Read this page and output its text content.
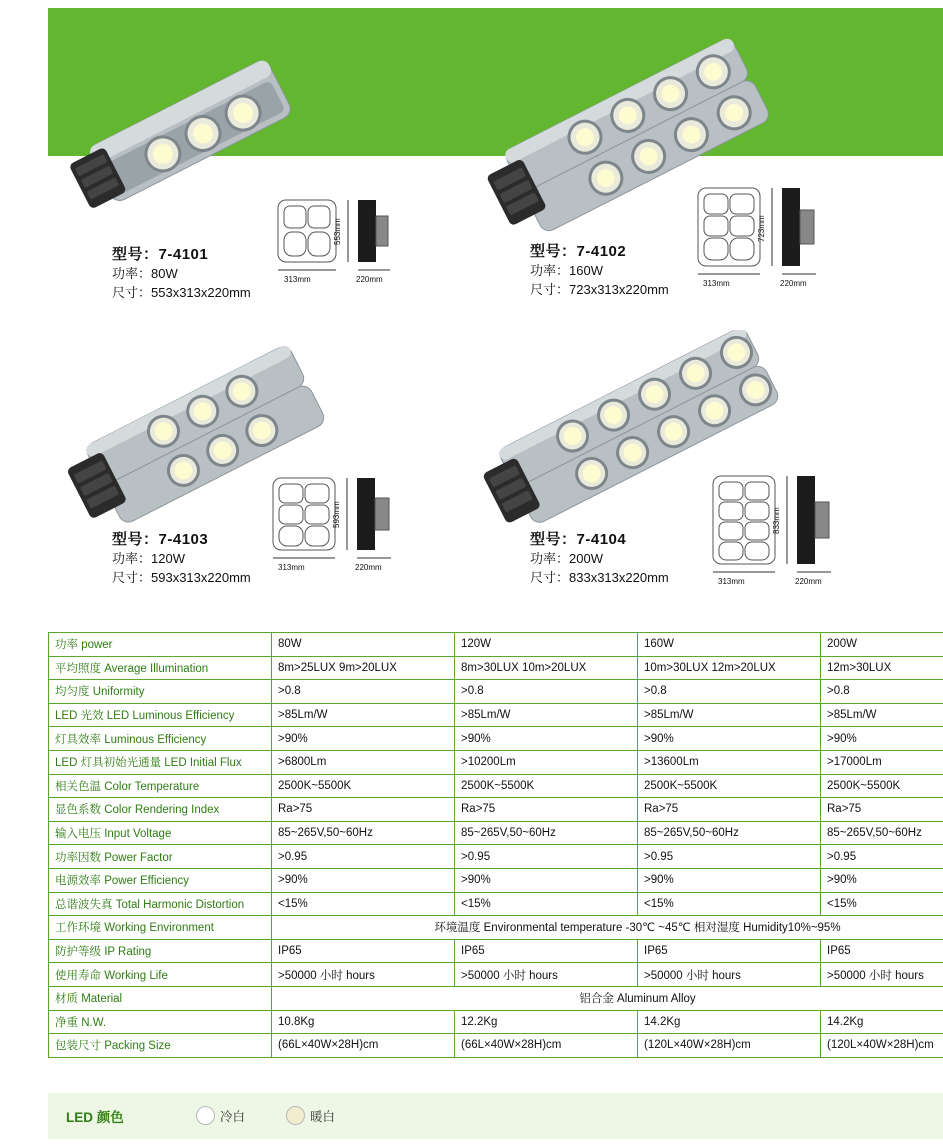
型号：7-4101
功率：80W
尺寸：553x313x220mm
313mm
553mm
220mm
型号：7-4102
功率：160W
尺寸：723x313x220mm	313mm
723mm
220mm
型号：7-4103
功率：120W
尺寸：593x313x220mm
313mm
593mm
220mm
型号：7-4104
功率：200W
尺寸：833x313x220mm	313mm
833mm
220mm
功率 power	80W	120W	160W	200W
平均照度 Average Illumination	8m>25LUX 9m>20LUX	8m>30LUX 10m>20LUX	10m>30LUX 12m>20LUX	12m>30LUX
均匀度 Uniformity	>0.8	>0.8	>0.8	>0.8
LED 光效 LED Luminous Efficiency	>85Lm/W	>85Lm/W	>85Lm/W	>85Lm/W
灯具效率 Luminous Efficiency	>90%	>90%	>90%	>90%
LED 灯具初始光通量 LED Initial Flux	>6800Lm	>10200Lm	>13600Lm	>17000Lm
相关色温 Color Temperature	2500K~5500K	2500K~5500K	2500K~5500K	2500K~5500K
显色系数 Color Rendering Index	Ra>75	Ra>75	Ra>75	Ra>75
输入电压 Input Voltage	85~265V,50~60Hz	85~265V,50~60Hz	85~265V,50~60Hz	85~265V,50~60Hz
功率因数 Power Factor	>0.95	>0.95	>0.95	>0.95
电源效率 Power Efficiency	>90%	>90%	>90%	>90%
总谐波失真 Total Harmonic Distortion	<15%	<15%	<15%	<15%
工作环境 Working Environment	环境温度 Environmental temperature -30℃ ~45℃ 相对湿度 Humidity10%~95%			
防护等级 IP Rating	IP65	IP65	IP65	IP65
使用寿命 Working Life	>50000 小时 hours	>50000 小时 hours	>50000 小时 hours	>50000 小时 hours
材质 Material	铝合金 Aluminum Alloy			
净重 N.W.	10.8Kg	12.2Kg	14.2Kg	14.2Kg
包装尺寸 Packing Size	(66L×40W×28H)cm	(66L×40W×28H)cm	(120L×40W×28H)cm	(120L×40W×28H)cm
LED 颜色	冷白	暖白
